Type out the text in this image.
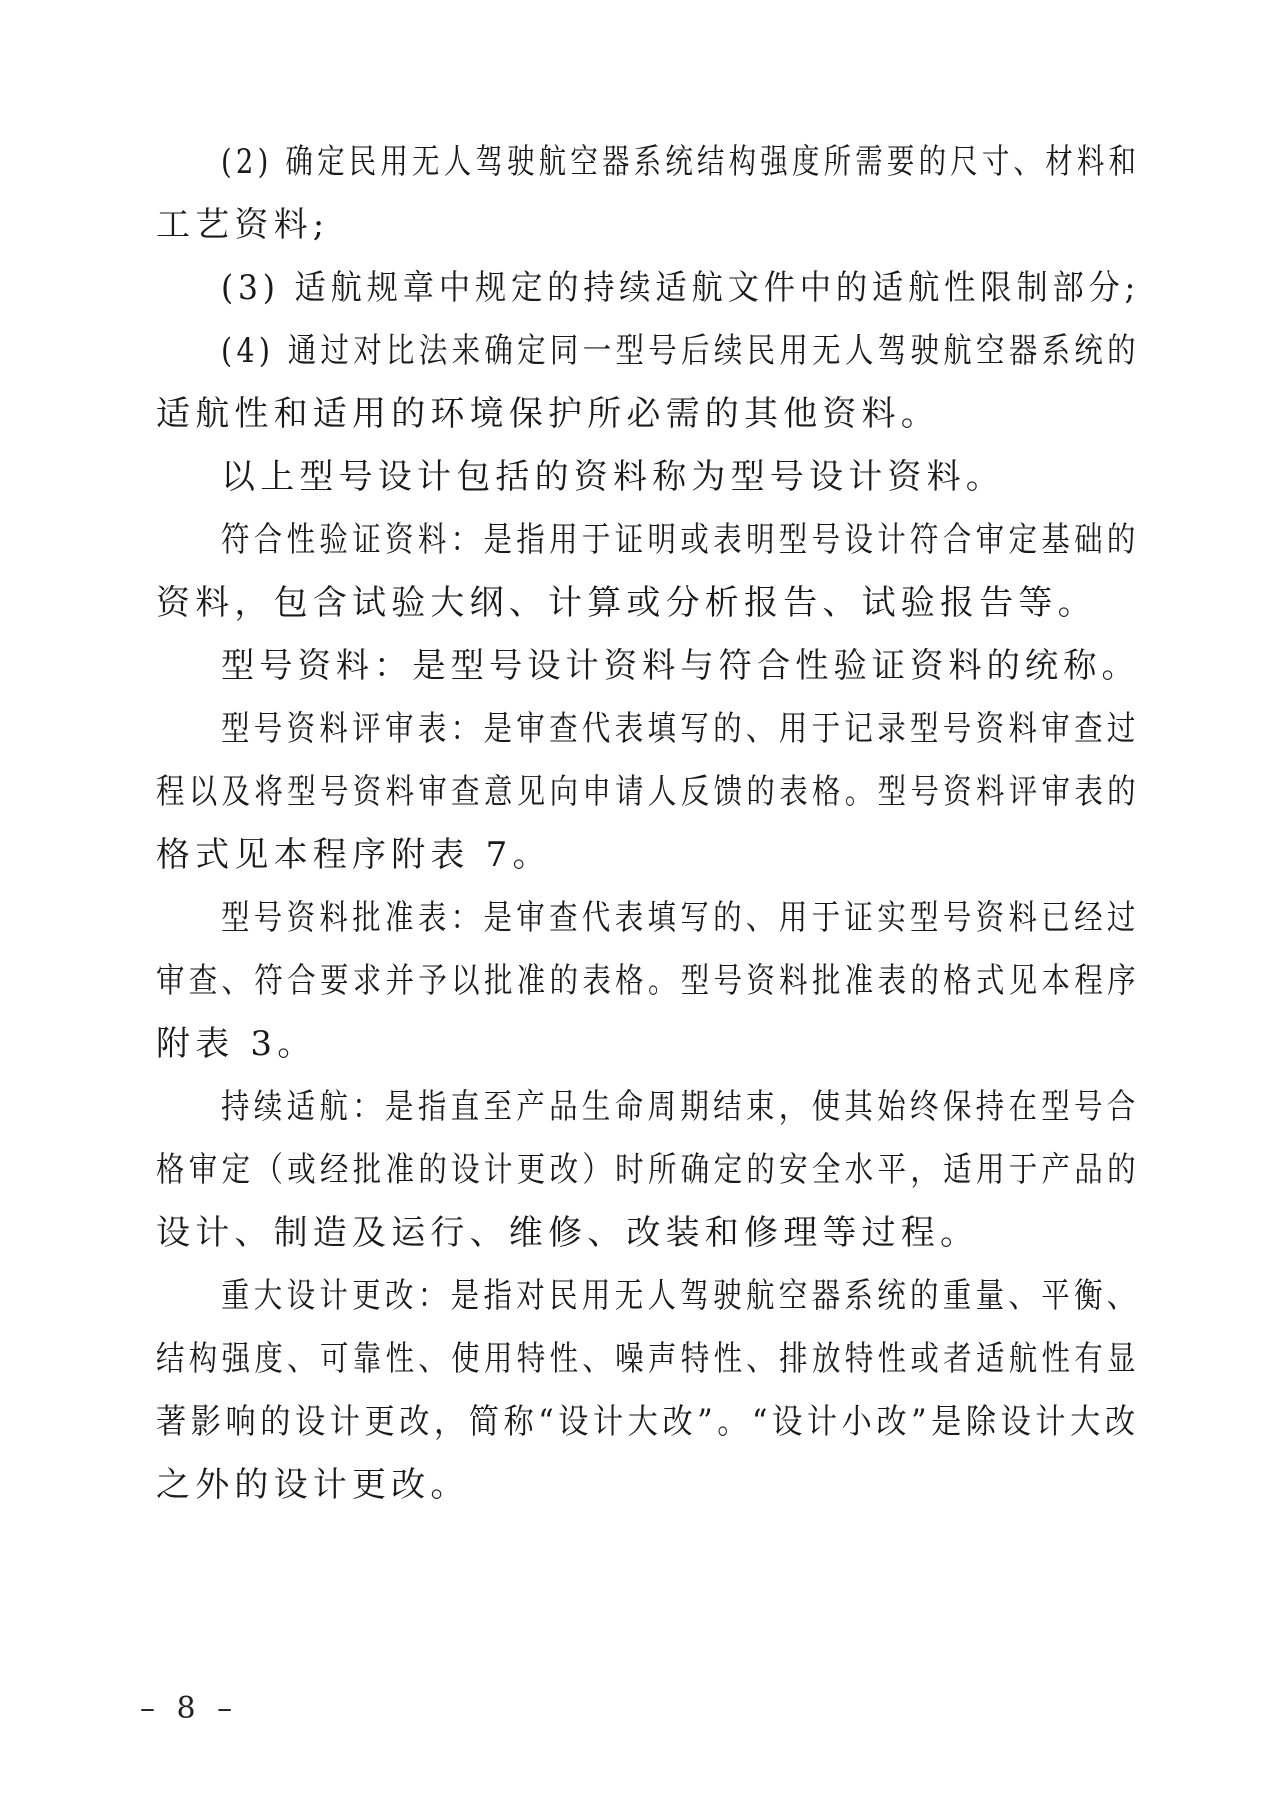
(2) 确定民用无人驾驶航空器系统结构强度所需要的尺寸、材料和
工艺资料;
(3) 适航规章中规定的持续适航文件中的适航性限制部分;
(4) 通过对比法来确定同一型号后续民用无人驾驶航空器系统的
适航性和适用的环境保护所必需的其他资料。
以上型号设计包括的资料称为型号设计资料。
符合性验证资料：是指用于证明或表明型号设计符合审定基础的
资料，包含试验大纲、计算或分析报告、试验报告等。
型号资料：是型号设计资料与符合性验证资料的统称。
型号资料评审表：是审查代表填写的、用于记录型号资料审查过
程以及将型号资料审查意见向申请人反馈的表格。型号资料评审表的
格式见本程序附表 7。
型号资料批准表：是审查代表填写的、用于证实型号资料已经过
审查、符合要求并予以批准的表格。型号资料批准表的格式见本程序
附表 3。
持续适航：是指直至产品生命周期结束，使其始终保持在型号合
格审定（或经批准的设计更改）时所确定的安全水平，适用于产品的
设计、制造及运行、维修、改装和修理等过程。
重大设计更改：是指对民用无人驾驶航空器系统的重量、平衡、
结构强度、可靠性、使用特性、噪声特性、排放特性或者适航性有显
著影响的设计更改，简称“设计大改”。“设计小改”是除设计大改
之外的设计更改。
– 8 –
